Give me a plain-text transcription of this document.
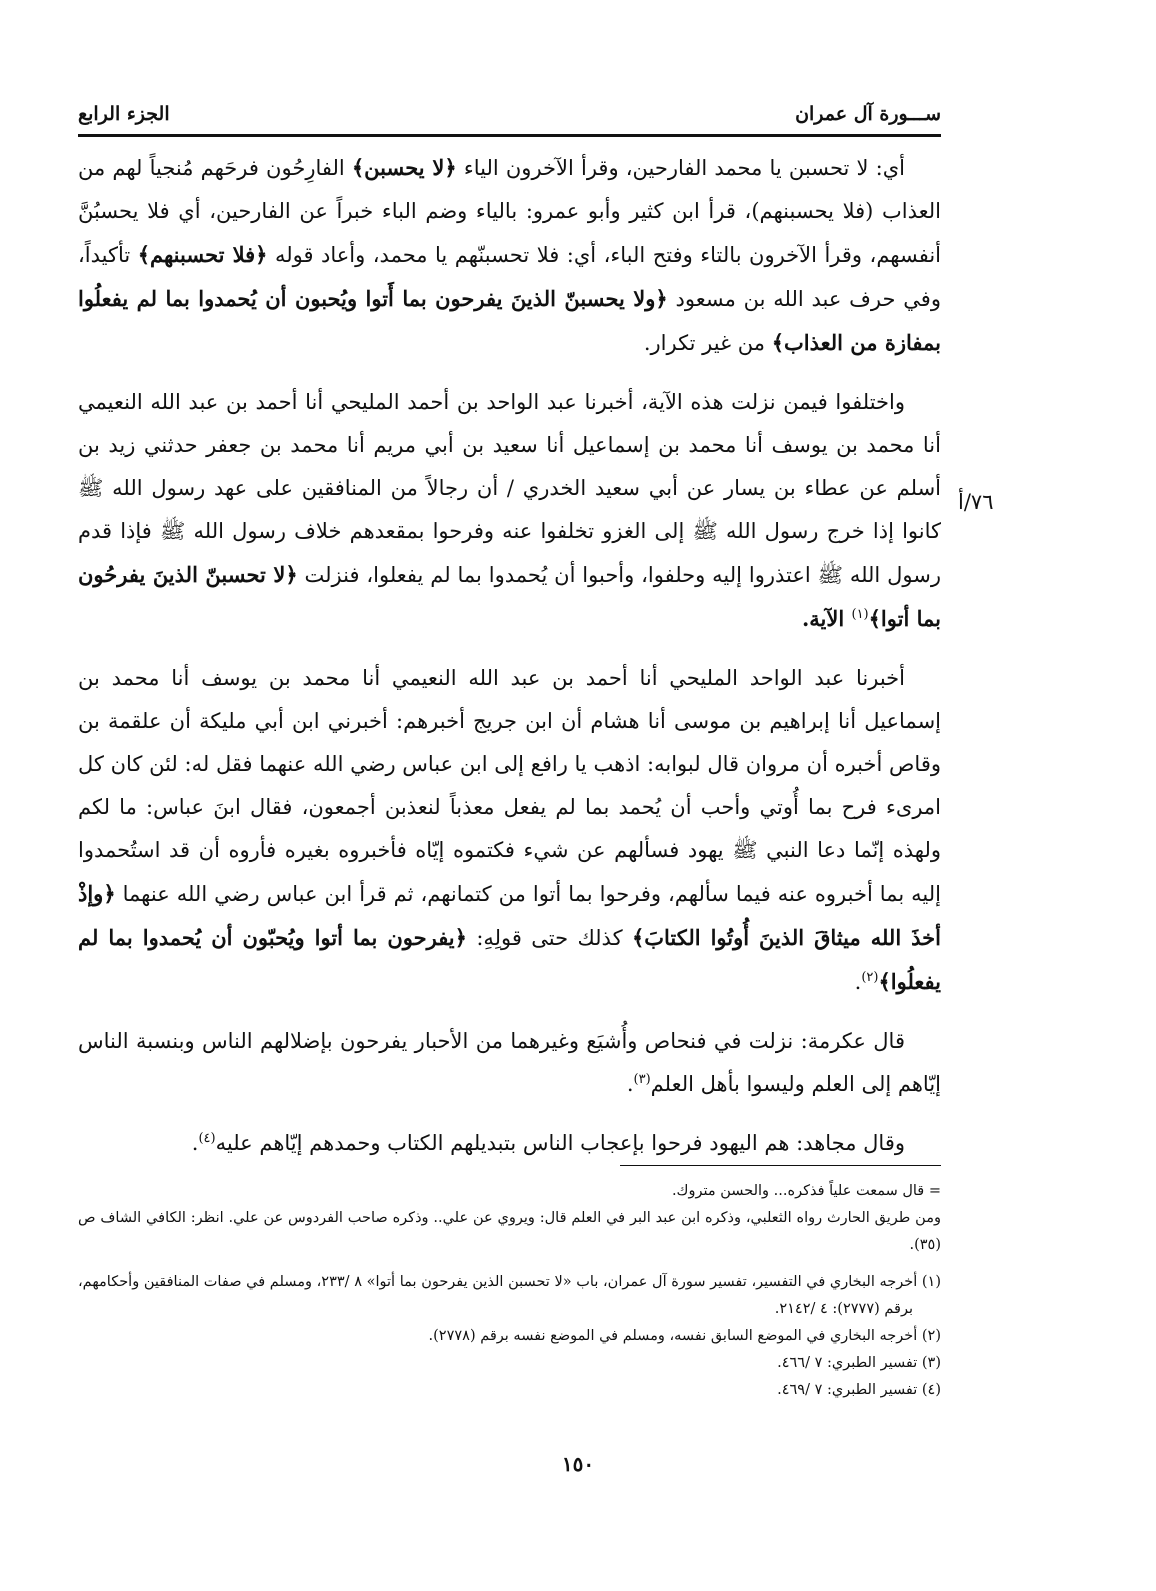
ســـورة آل عمران
الجزء الرابع
٧٦/أ

أي: لا تحسبن يا محمد الفارحين، وقرأ الآخرون الياء ﴿لا يحسبن﴾ الفارِحُون فرحَهم مُنجياً لهم من العذاب (فلا يحسبنهم)، قرأ ابن كثير وأبو عمرو: بالياء وضم الباء خبراً عن الفارحين، أي فلا يحسبُنَّ أنفسهم، وقرأ الآخرون بالتاء وفتح الباء، أي: فلا تحسبنّهم يا محمد، وأعاد قوله ﴿فلا تحسبنهم﴾ تأكيداً، وفي حرف عبد الله بن مسعود ﴿ولا يحسبنّ الذينَ يفرحون بما أَتوا ويُحبون أن يُحمدوا بما لم يفعلُوا بمفازة من العذاب﴾ من غير تكرار.

واختلفوا فيمن نزلت هذه الآية، أخبرنا عبد الواحد بن أحمد المليحي أنا أحمد بن عبد الله النعيمي أنا محمد بن يوسف أنا محمد بن إسماعيل أنا سعيد بن أبي مريم أنا محمد بن جعفر حدثني زيد بن أسلم عن عطاء بن يسار عن أبي سعيد الخدري / أن رجالاً من المنافقين على عهد رسول الله ﷺ كانوا إذا خرج رسول الله ﷺ إلى الغزو تخلفوا عنه وفرحوا بمقعدهم خلاف رسول الله ﷺ فإذا قدم رسول الله ﷺ اعتذروا إليه وحلفوا، وأحبوا أن يُحمدوا بما لم يفعلوا، فنزلت ﴿لا تحسبنّ الذينَ يفرحُون بما أتوا﴾$^{(١)}$ الآية.

أخبرنا عبد الواحد المليحي أنا أحمد بن عبد الله النعيمي أنا محمد بن يوسف أنا محمد بن إسماعيل أنا إبراهيم بن موسى أنا هشام أن ابن جريج أخبرهم: أخبرني ابن أبي مليكة أن علقمة بن وقاص أخبره أن مروان قال لبوابه: اذهب يا رافع إلى ابن عباس رضي الله عنهما فقل له: لئن كان كل امرىء فرح بما أُوتي وأحب أن يُحمد بما لم يفعل معذباً لنعذبن أجمعون، فقال ابنَ عباس: ما لكم ولهذه إنّما دعا النبي ﷺ يهود فسألهم عن شيء فكتموه إيّاه فأخبروه بغيره فأروه أن قد استُحمدوا إليه بما أخبروه عنه فيما سألهم، وفرحوا بما أتوا من كتمانهم، ثم قرأ ابن عباس رضي الله عنهما ﴿وإذْ أخذَ الله ميثاقَ الذينَ أُوتُوا الكتابَ﴾ كذلك حتى قولِهِ: ﴿يفرحون بما أتوا ويُحبّون أن يُحمدوا بما لم يفعلُوا﴾$^{(٢)}$.

قال عكرمة: نزلت في فنحاص وأُشيَع وغيرهما من الأحبار يفرحون بإضلالهم الناس وبنسبة الناس إيّاهم إلى العلم وليسوا بأهل العلم$^{(٣)}$.

وقال مجاهد: هم اليهود فرحوا بإعجاب الناس بتبديلهم الكتاب وحمدهم إيّاهم عليه$^{(٤)}$.

= قال سمعت علياً فذكره... والحسن متروك.

ومن طريق الحارث رواه الثعلبي، وذكره ابن عبد البر في العلم قال: ويروي عن علي.. وذكره صاحب الفردوس عن علي. انظر: الكافي الشاف ص (٣٥).

(١) أخرجه البخاري في التفسير، تفسير سورة آل عمران، باب «لا تحسبن الذين يفرحون بما أتوا» ٨ /٢٣٣، ومسلم في صفات المنافقين وأحكامهم، برقم (٢٧٧٧): ٤ /٢١٤٢.

(٢) أخرجه البخاري في الموضع السابق نفسه، ومسلم في الموضع نفسه برقم (٢٧٧٨).

(٣) تفسير الطبري: ٧ /٤٦٦.

(٤) تفسير الطبري: ٧ /٤٦٩.

١٥٠
